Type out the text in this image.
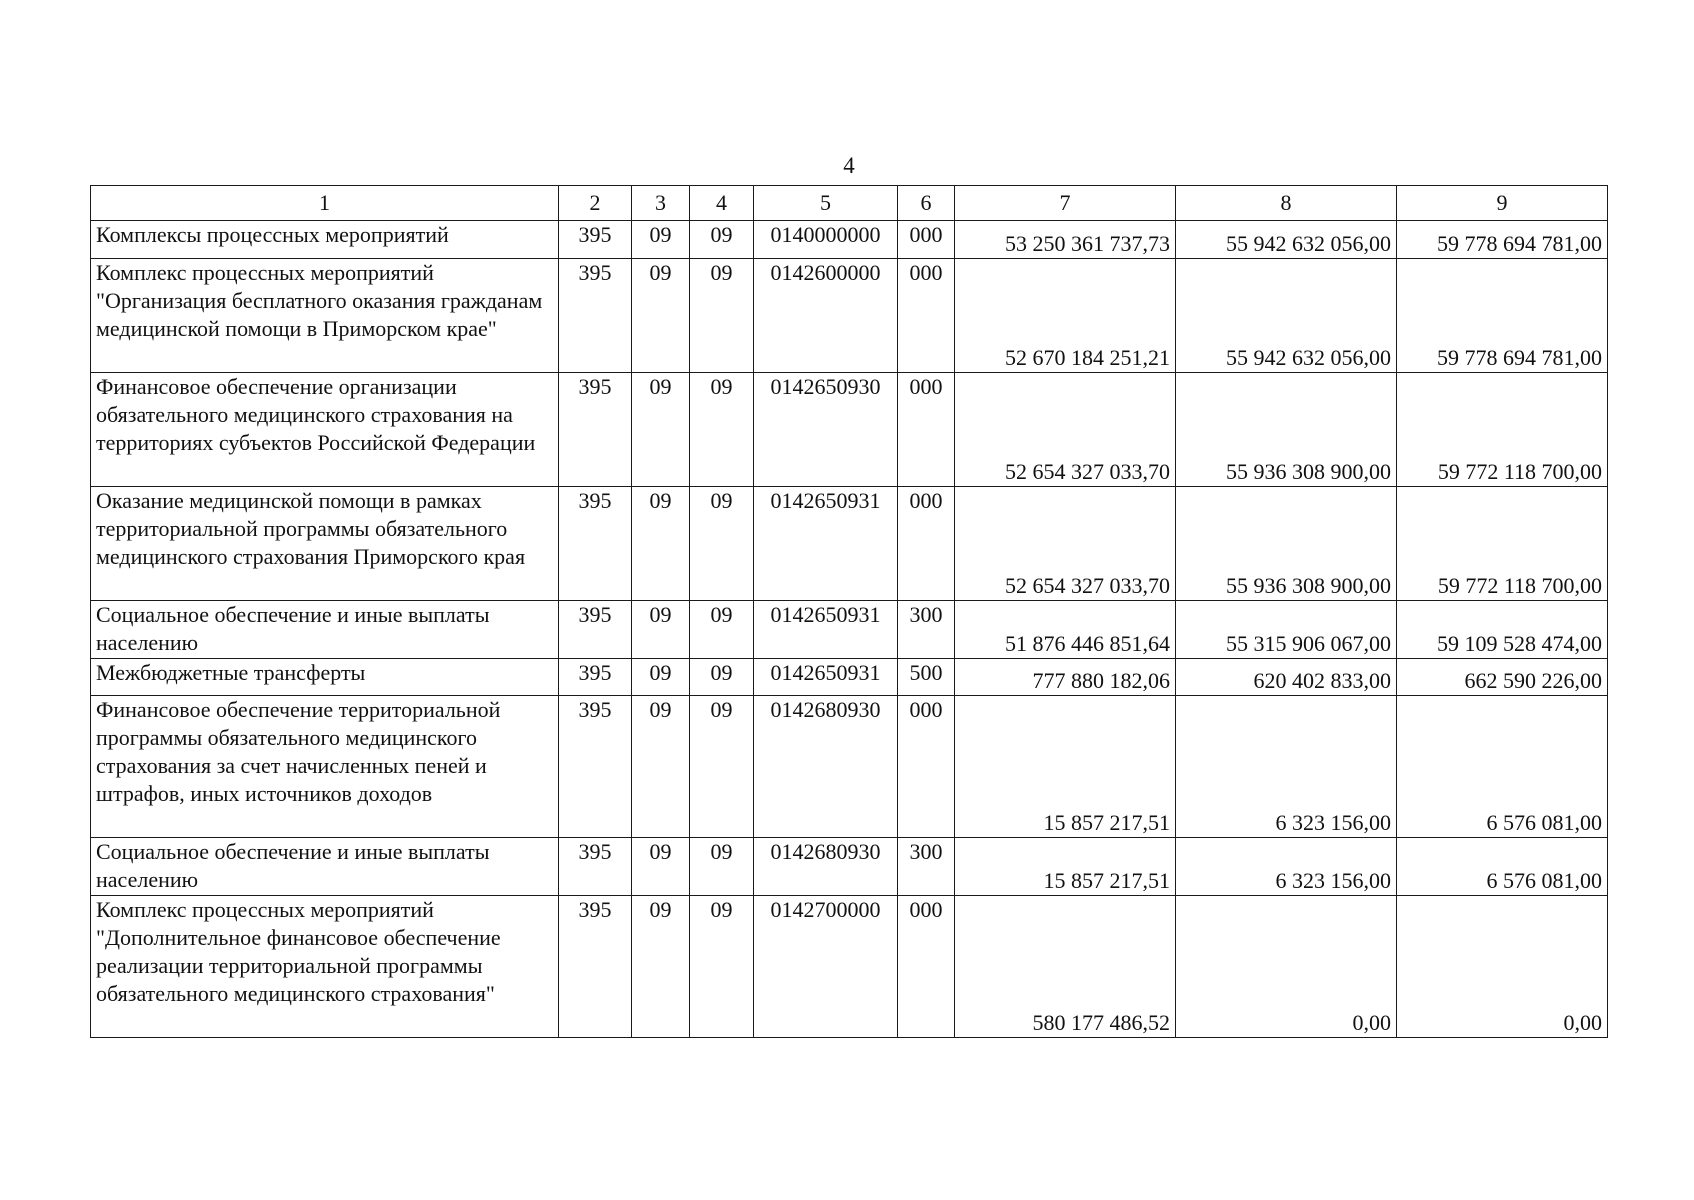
4
1	2	3	4	5	6	7	8	9
Комплексы процессных мероприятий	395	09	09	0140000000	000	53 250 361 737,73	55 942 632 056,00	59 778 694 781,00
Комплекс процессных мероприятий "Организация бесплатного оказания гражданам медицинской помощи в Приморском крае"	395	09	09	0142600000	000	52 670 184 251,21	55 942 632 056,00	59 778 694 781,00
Финансовое обеспечение организации обязательного медицинского страхования на территориях субъектов Российской Федерации	395	09	09	0142650930	000	52 654 327 033,70	55 936 308 900,00	59 772 118 700,00
Оказание медицинской помощи в рамках территориальной программы обязательного медицинского страхования Приморского края	395	09	09	0142650931	000	52 654 327 033,70	55 936 308 900,00	59 772 118 700,00
Социальное обеспечение и иные выплаты населению	395	09	09	0142650931	300	51 876 446 851,64	55 315 906 067,00	59 109 528 474,00
Межбюджетные трансферты	395	09	09	0142650931	500	777 880 182,06	620 402 833,00	662 590 226,00
Финансовое обеспечение территориальной программы обязательного медицинского страхования за счет начисленных пеней и штрафов, иных источников доходов	395	09	09	0142680930	000	15 857 217,51	6 323 156,00	6 576 081,00
Социальное обеспечение и иные выплаты населению	395	09	09	0142680930	300	15 857 217,51	6 323 156,00	6 576 081,00
Комплекс процессных мероприятий "Дополнительное финансовое обеспечение реализации территориальной программы обязательного медицинского страхования"	395	09	09	0142700000	000	580 177 486,52	0,00	0,00
